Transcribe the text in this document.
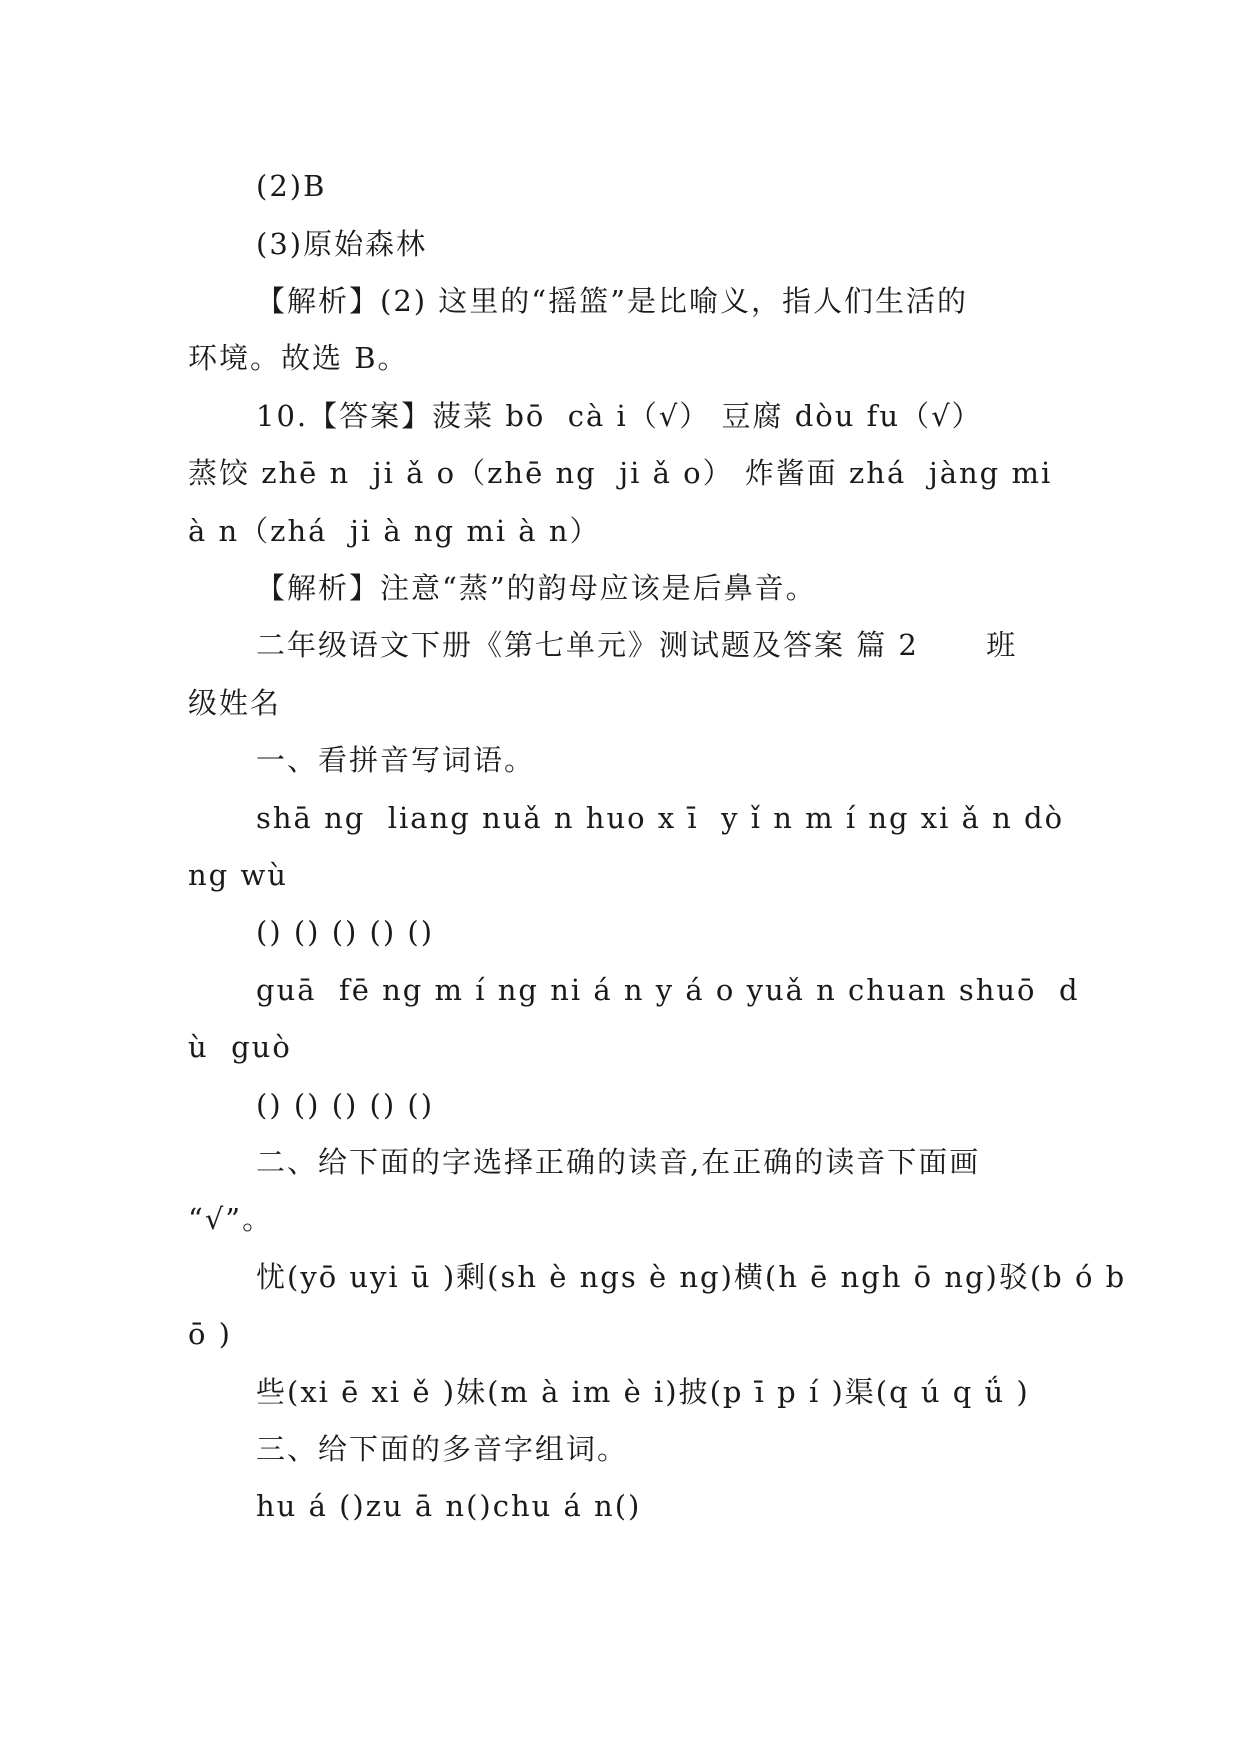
(2)B
(3)原始森林
【解析】(2) 这里的“摇篮”是比喻义，指人们生活的
环境。故选 B。
10.【答案】菠菜 bō  cà i（√） 豆腐 dòu fu（√）
蒸饺 zhē n  ji ǎ o（zhē ng  ji ǎ o） 炸酱面 zhá  jàng mi
à n（zhá  ji à ng mi à n）
【解析】注意“蒸”的韵母应该是后鼻音。
二年级语文下册《第七单元》测试题及答案 篇 2      班
级姓名
一、看拼音写词语。
shā ng  liang nuǎ n huo x ī  y ǐ n m í ng xi ǎ n dò
ng wù
() () () () ()
guā  fē ng m í ng ni á n y á o yuǎ n chuan shuō  d
ù  guò
() () () () ()
二、给下面的字选择正确的读音,在正确的读音下面画
“√”。
忧(yō uyi ū )剩(sh è ngs è ng)横(h ē ngh ō ng)驳(b ó b
ō )
些(xi ē xi ě )妹(m à im è i)披(p ī p í )渠(q ú q ǘ )
三、给下面的多音字组词。
hu á ()zu ā n()chu á n()
